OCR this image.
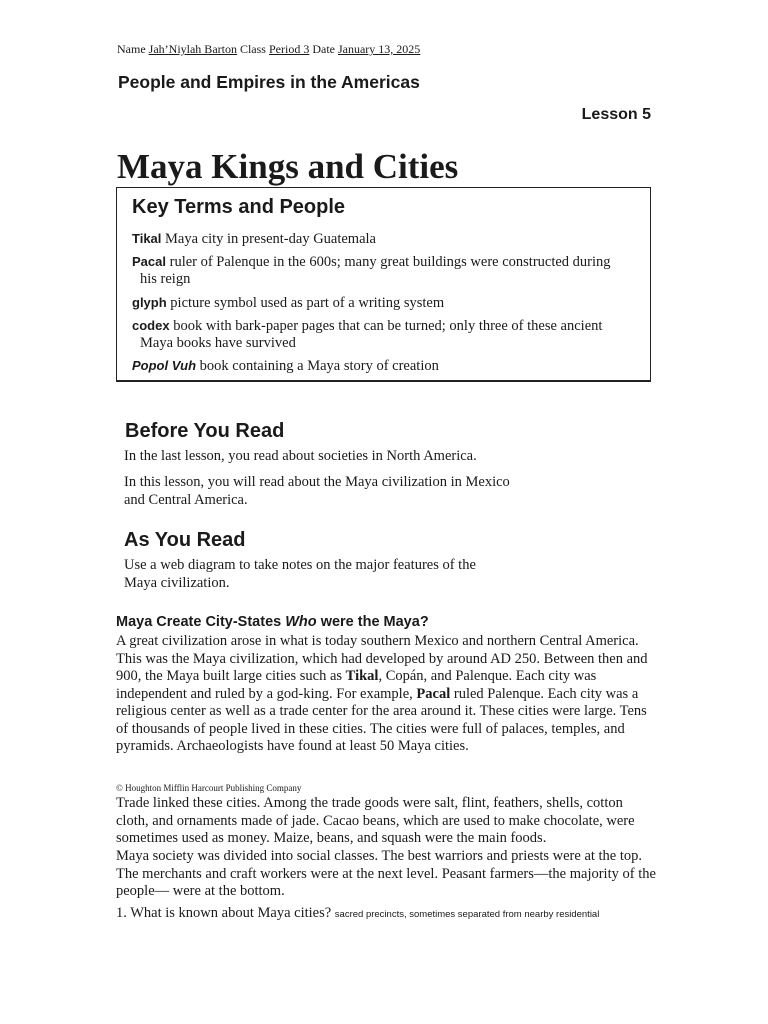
Name Jah’Niylah Barton Class Period 3 Date January 13, 2025
People and Empires in the Americas
Lesson 5
Maya Kings and Cities
Key Terms and People
Tikal Maya city in present-day Guatemala
Pacal ruler of Palenque in the 600s; many great buildings were constructed during
his reign
glyph picture symbol used as part of a writing system
codex book with bark-paper pages that can be turned; only three of these ancient
Maya books have survived
Popol Vuh book containing a Maya story of creation
Before You Read
In the last lesson, you read about societies in North America.
In this lesson, you will read about the Maya civilization in Mexico
and Central America.
As You Read
Use a web diagram to take notes on the major features of the
Maya civilization.
Maya Create City-States Who were the Maya?
A great civilization arose in what is today southern Mexico and northern Central America. This was the Maya civilization, which had developed by around AD 250. Between then and 900, the Maya built large cities such as Tikal, Copán, and Palenque. Each city was independent and ruled by a god-king. For example, Pacal ruled Palenque. Each city was a religious center as well as a trade center for the area around it. These cities were large. Tens of thousands of people lived in these cities. The cities were full of palaces, temples, and pyramids. Archaeologists have found at least 50 Maya cities.
© Houghton Mifflin Harcourt Publishing Company
Trade linked these cities. Among the trade goods were salt, flint, feathers, shells, cotton cloth, and ornaments made of jade. Cacao beans, which are used to make chocolate, were sometimes used as money. Maize, beans, and squash were the main foods.
Maya society was divided into social classes. The best warriors and priests were at the top. The merchants and craft workers were at the next level. Peasant farmers—the majority of the people— were at the bottom.
1. What is known about Maya cities? sacred precincts, sometimes separated from nearby residential
